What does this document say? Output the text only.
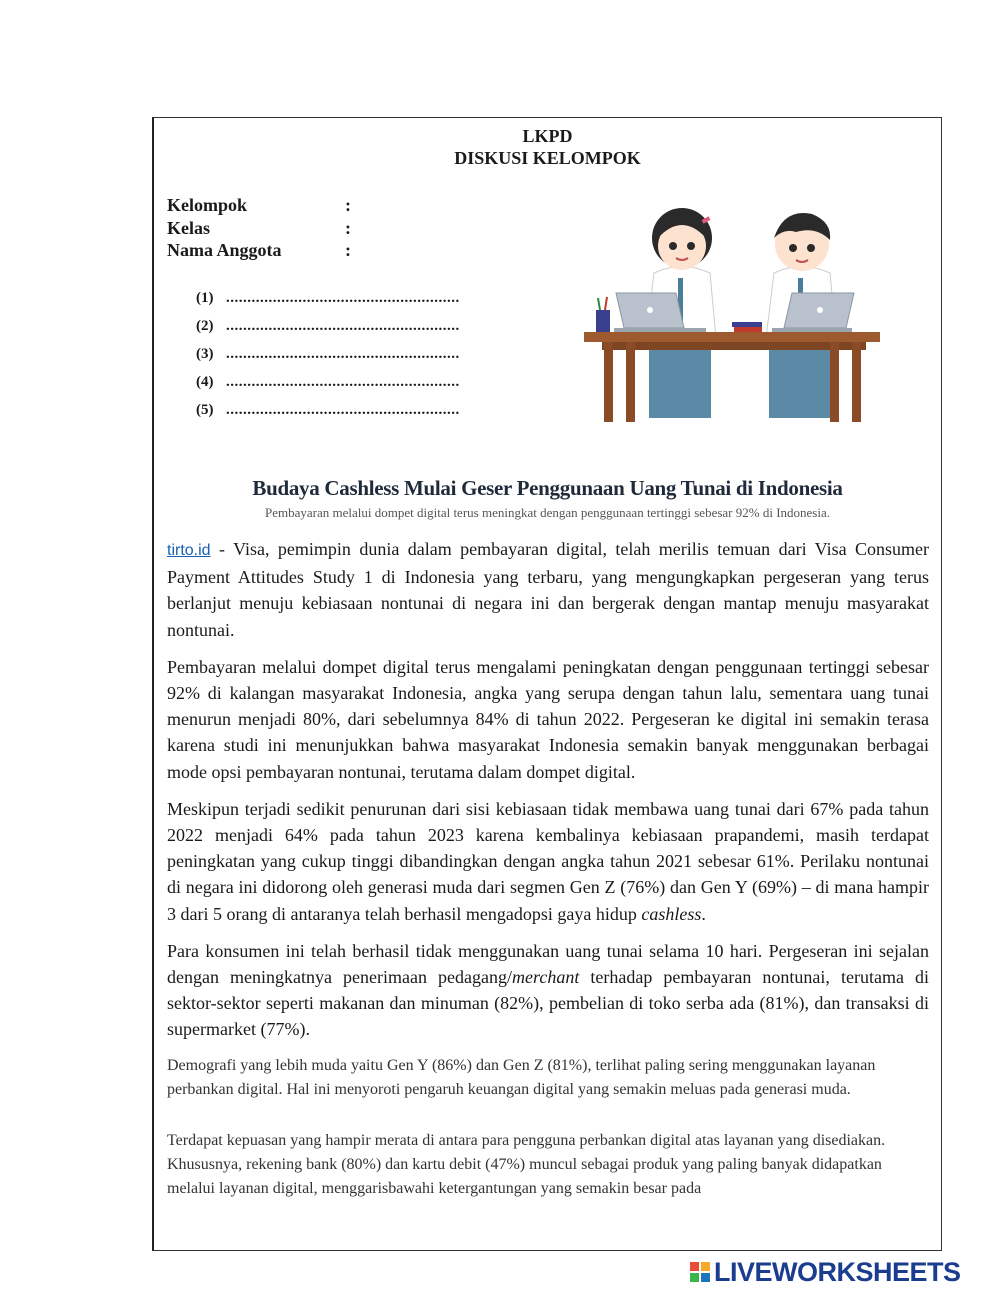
LKPD
DISKUSI KELOMPOK
Kelompok	:
Kelas	:
Nama Anggota	:
(1) .......................................................
(2) .......................................................
(3) .......................................................
(4) .......................................................
(5) .......................................................
Budaya Cashless Mulai Geser Penggunaan Uang Tunai di Indonesia
Pembayaran melalui dompet digital terus meningkat dengan penggunaan tertinggi sebesar 92% di Indonesia.

tirto.id - Visa, pemimpin dunia dalam pembayaran digital, telah merilis temuan dari Visa Consumer Payment Attitudes Study 1 di Indonesia yang terbaru, yang mengungkapkan pergeseran yang terus berlanjut menuju kebiasaan nontunai di negara ini dan bergerak dengan mantap menuju masyarakat nontunai.

Pembayaran melalui dompet digital terus mengalami peningkatan dengan penggunaan tertinggi sebesar 92% di kalangan masyarakat Indonesia, angka yang serupa dengan tahun lalu, sementara uang tunai menurun menjadi 80%, dari sebelumnya 84% di tahun 2022. Pergeseran ke digital ini semakin terasa karena studi ini menunjukkan bahwa masyarakat Indonesia semakin banyak menggunakan berbagai mode opsi pembayaran nontunai, terutama dalam dompet digital.

Meskipun terjadi sedikit penurunan dari sisi kebiasaan tidak membawa uang tunai dari 67% pada tahun 2022 menjadi 64% pada tahun 2023 karena kembalinya kebiasaan prapandemi, masih terdapat peningkatan yang cukup tinggi dibandingkan dengan angka tahun 2021 sebesar 61%. Perilaku nontunai di negara ini didorong oleh generasi muda dari segmen Gen Z (76%) dan Gen Y (69%) – di mana hampir 3 dari 5 orang di antaranya telah berhasil mengadopsi gaya hidup cashless.

Para konsumen ini telah berhasil tidak menggunakan uang tunai selama 10 hari. Pergeseran ini sejalan dengan meningkatnya penerimaan pedagang/merchant terhadap pembayaran nontunai, terutama di sektor-sektor seperti makanan dan minuman (82%), pembelian di toko serba ada (81%), dan transaksi di supermarket (77%).

Demografi yang lebih muda yaitu Gen Y (86%) dan Gen Z (81%), terlihat paling sering menggunakan layanan perbankan digital. Hal ini menyoroti pengaruh keuangan digital yang semakin meluas pada generasi muda.

Terdapat kepuasan yang hampir merata di antara para pengguna perbankan digital atas layanan yang disediakan. Khususnya, rekening bank (80%) dan kartu debit (47%) muncul sebagai produk yang paling banyak didapatkan melalui layanan digital, menggarisbawahi ketergantungan yang semakin besar pada

LIVEWORKSHEETS
